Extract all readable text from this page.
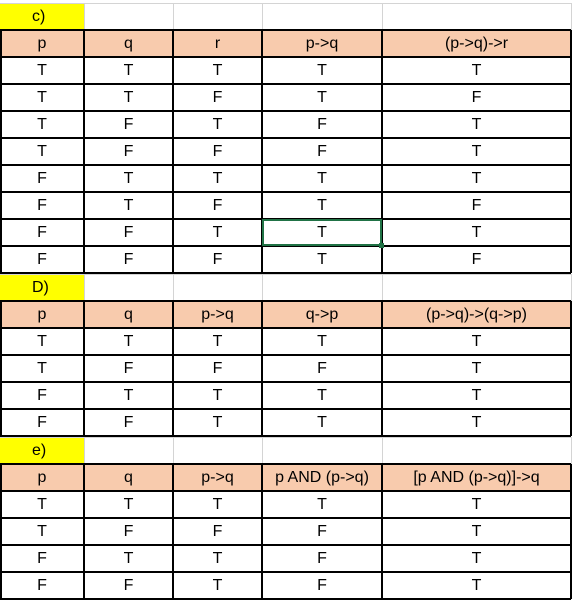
c)
p	q	r	p->q	(p->q)->r
T	T	T	T	T
T	T	F	T	F
T	F	T	F	T
T	F	F	F	T
F	T	T	T	T
F	T	F	T	F
F	F	T	T	T
F	F	F	T	F
D)
p	q	p->q	q->p	(p->q)->(q->p)
T	T	T	T	T
T	F	F	F	T
F	T	T	T	T
F	F	T	T	T
e)
p	q	p->q	p AND (p->q)	[p AND (p->q)]->q
T	T	T	T	T
T	F	F	F	T
F	T	T	F	T
F	F	T	F	T
